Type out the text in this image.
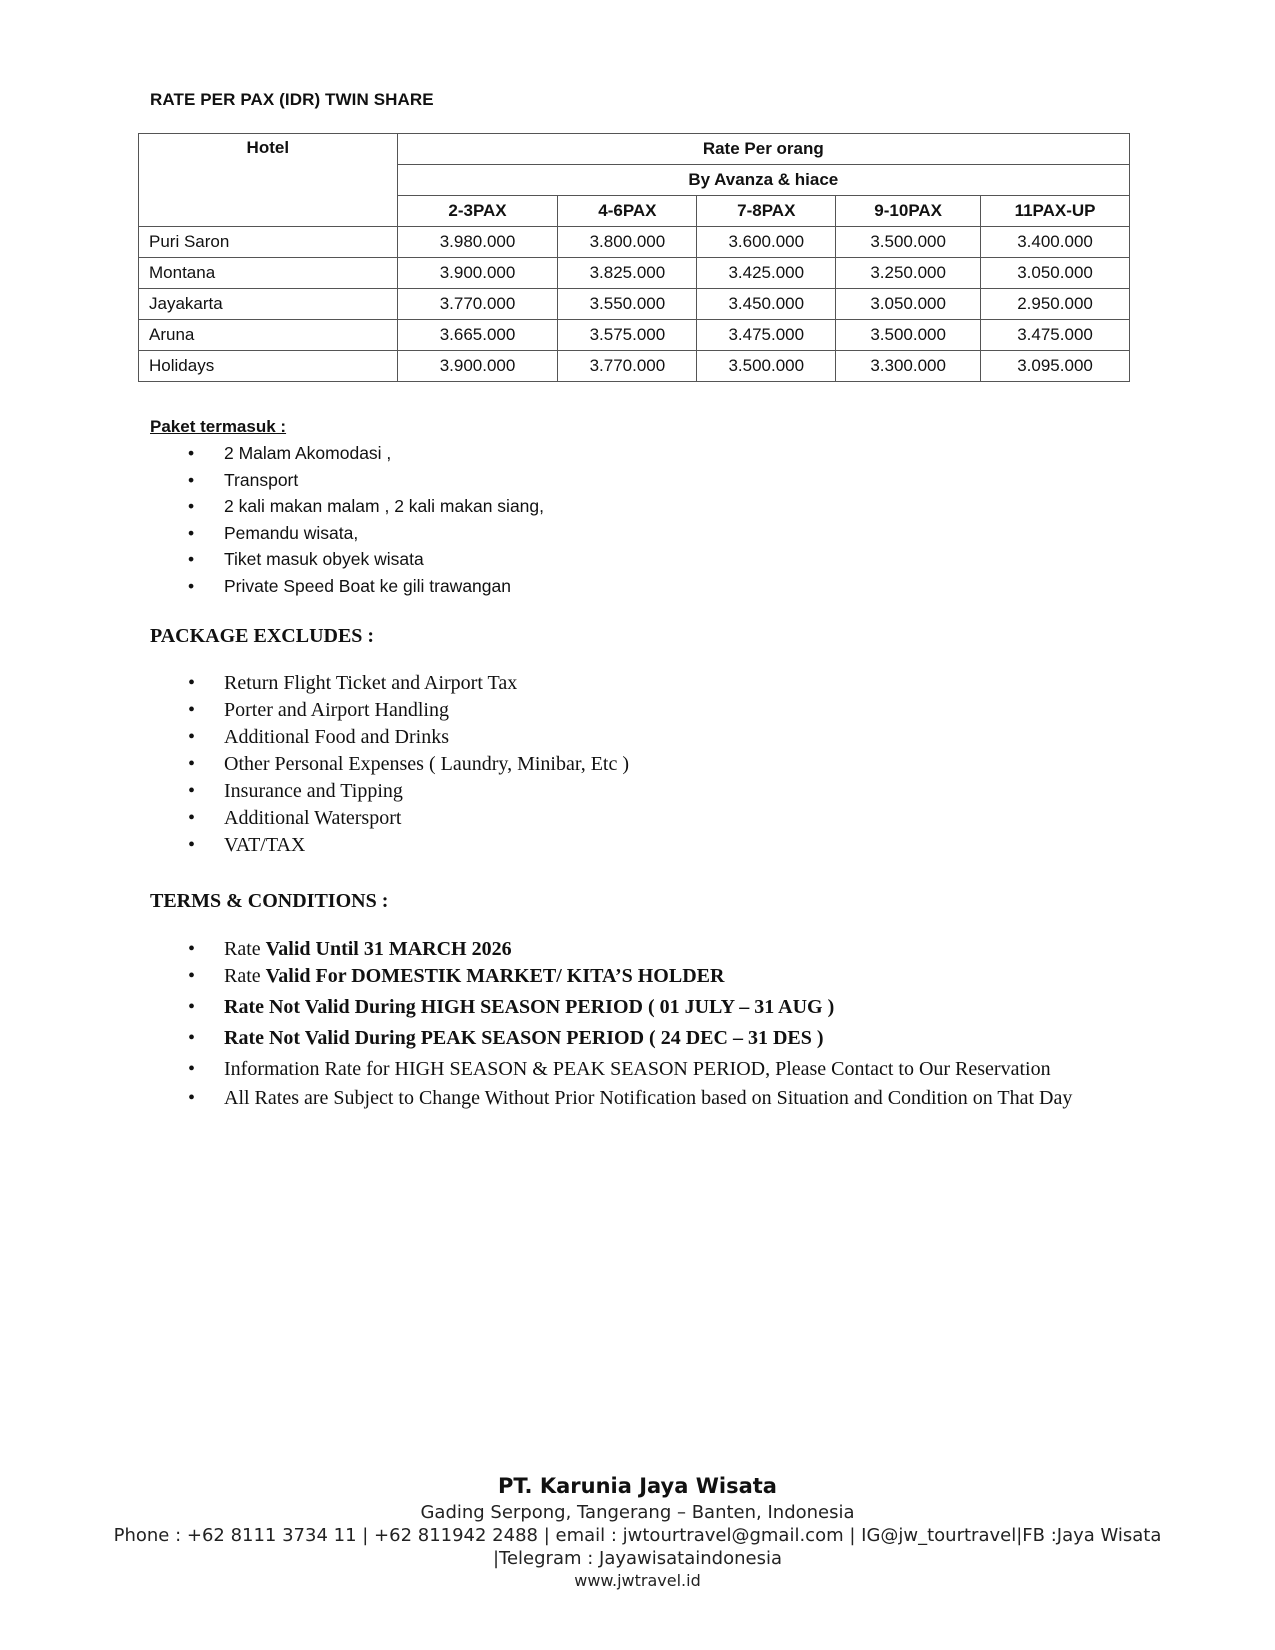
RATE PER PAX (IDR) TWIN SHARE
Hotel	Rate Per orang				
	By Avanza & hiace				
	2-3PAX	4-6PAX	7-8PAX	9-10PAX	11PAX-UP
Puri Saron	3.980.000	3.800.000	3.600.000	3.500.000	3.400.000
Montana	3.900.000	3.825.000	3.425.000	3.250.000	3.050.000
Jayakarta	3.770.000	3.550.000	3.450.000	3.050.000	2.950.000
Aruna	3.665.000	3.575.000	3.475.000	3.500.000	3.475.000
Holidays	3.900.000	3.770.000	3.500.000	3.300.000	3.095.000
Paket termasuk :
• 2 Malam Akomodasi ,
• Transport
• 2 kali makan malam , 2 kali makan siang,
• Pemandu wisata,
• Tiket masuk obyek wisata
• Private Speed Boat ke gili trawangan
PACKAGE EXCLUDES :
• Return Flight Ticket and Airport Tax
• Porter and Airport Handling
• Additional Food and Drinks
• Other Personal Expenses ( Laundry, Minibar, Etc )
• Insurance and Tipping
• Additional Watersport
• VAT/TAX
TERMS & CONDITIONS :
• Rate Valid Until 31 MARCH 2026
• Rate Valid For DOMESTIK MARKET/ KITA’S HOLDER
• Rate Not Valid During HIGH SEASON PERIOD ( 01 JULY – 31 AUG )
• Rate Not Valid During PEAK SEASON PERIOD ( 24 DEC – 31 DES )
• Information Rate for HIGH SEASON & PEAK SEASON PERIOD, Please Contact to Our Reservation
• All Rates are Subject to Change Without Prior Notification based on Situation and Condition on That Day
PT. Karunia Jaya Wisata
Gading Serpong, Tangerang – Banten, Indonesia
Phone : +62 8111 3734 11 | +62 811942 2488 | email : jwtourtravel@gmail.com | IG@jw_tourtravel|FB :Jaya Wisata
|Telegram : Jayawisataindonesia
www.jwtravel.id
